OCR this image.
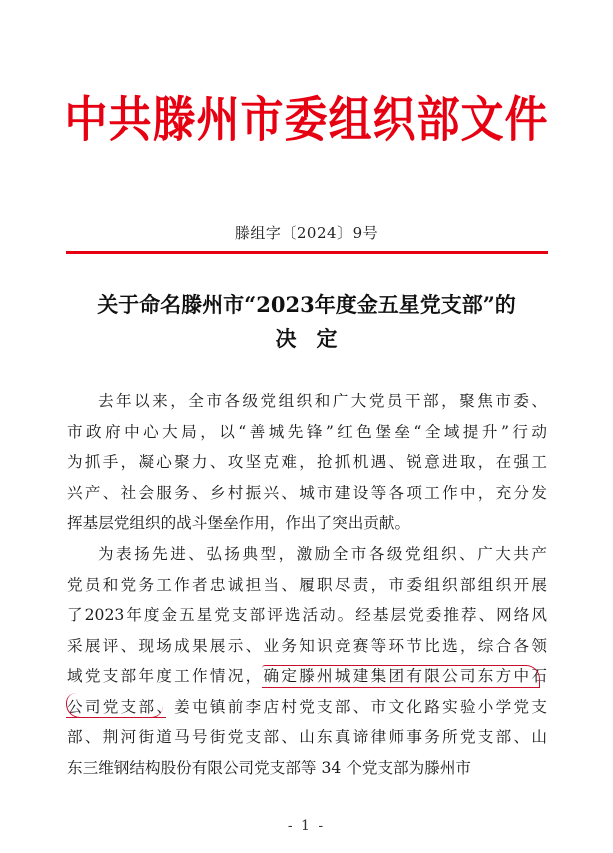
中共滕州市委组织部文件
滕组字〔2024〕9号
关于命名滕州市“2023年度金五星党支部”的
决定
去年以来，全市各级党组织和广大党员干部，聚焦市委、
市政府中心大局，以“善城先锋”红色堡垒“全域提升”行动
为抓手，凝心聚力、攻坚克难，抢抓机遇、锐意进取，在强工
兴产、社会服务、乡村振兴、城市建设等各项工作中，充分发
挥基层党组织的战斗堡垒作用，作出了突出贡献。
为表扬先进、弘扬典型，激励全市各级党组织、广大共产
党员和党务工作者忠诚担当、履职尽责，市委组织部组织开展
了2023年度金五星党支部评选活动。经基层党委推荐、网络风
采展评、现场成果展示、业务知识竞赛等环节比选，综合各领
域党支部年度工作情况，确定滕州城建集团有限公司东方中石
公司党支部、姜屯镇前李店村党支部、市文化路实验小学党支
部、荆河街道马号街党支部、山东真谛律师事务所党支部、山
东三维钢结构股份有限公司党支部等 34 个党支部为滕州市
- 1 -
